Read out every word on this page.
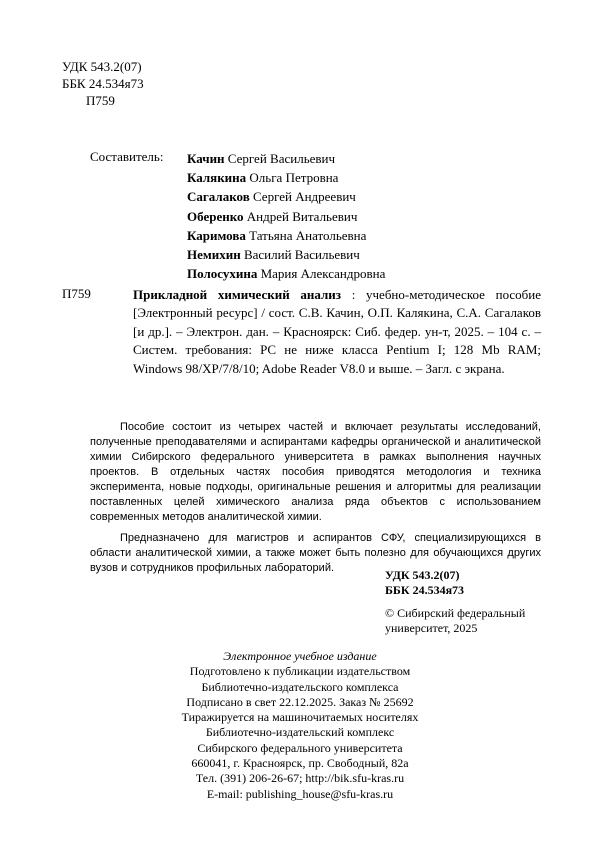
УДК 543.2(07)
ББК 24.534я73
П759
Составитель: Качин Сергей Васильевич
Калякина Ольга Петровна
Сагалаков Сергей Андреевич
Оберенко Андрей Витальевич
Каримова Татьяна Анатольевна
Немихин Василий Васильевич
Полосухина Мария Александровна
П759	Прикладной химический анализ : учебно-методическое пособие [Электронный ресурс] / сост. С.В. Качин, О.П. Калякина, С.А. Сагалаков [и др.]. – Электрон. дан. – Красноярск: Сиб. федер. ун-т, 2025. – 104 с. – Систем. требования: PC не ниже класса Pentium I; 128 Mb RAM; Windows 98/XP/7/8/10; Adobe Reader V8.0 и выше. – Загл. с экрана.

Пособие состоит из четырех частей и включает результаты исследований, полученные преподавателями и аспирантами кафедры органической и аналитической химии Сибирского федерального университета в рамках выполнения научных проектов. В отдельных частях пособия приводятся методология и техника эксперимента, новые подходы, оригинальные решения и алгоритмы для реализации поставленных целей химического анализа ряда объектов с использованием современных методов аналитической химии.

Предназначено для магистров и аспирантов СФУ, специализирующихся в области аналитической химии, а также может быть полезно для обучающихся других вузов и сотрудников профильных лабораторий.	УДК 543.2(07)
ББК 24.534я73
© Сибирский федеральный
университет, 2025
Электронное учебное издание
Подготовлено к публикации издательством
Библиотечно-издательского комплекса
Подписано в свет 22.12.2025. Заказ № 25692
Тиражируется на машиночитаемых носителях
Библиотечно-издательский комплекс
Сибирского федерального университета
660041, г. Красноярск, пр. Свободный, 82а
Тел. (391) 206-26-67; http://bik.sfu-kras.ru
E-mail: publishing_house@sfu-kras.ru
